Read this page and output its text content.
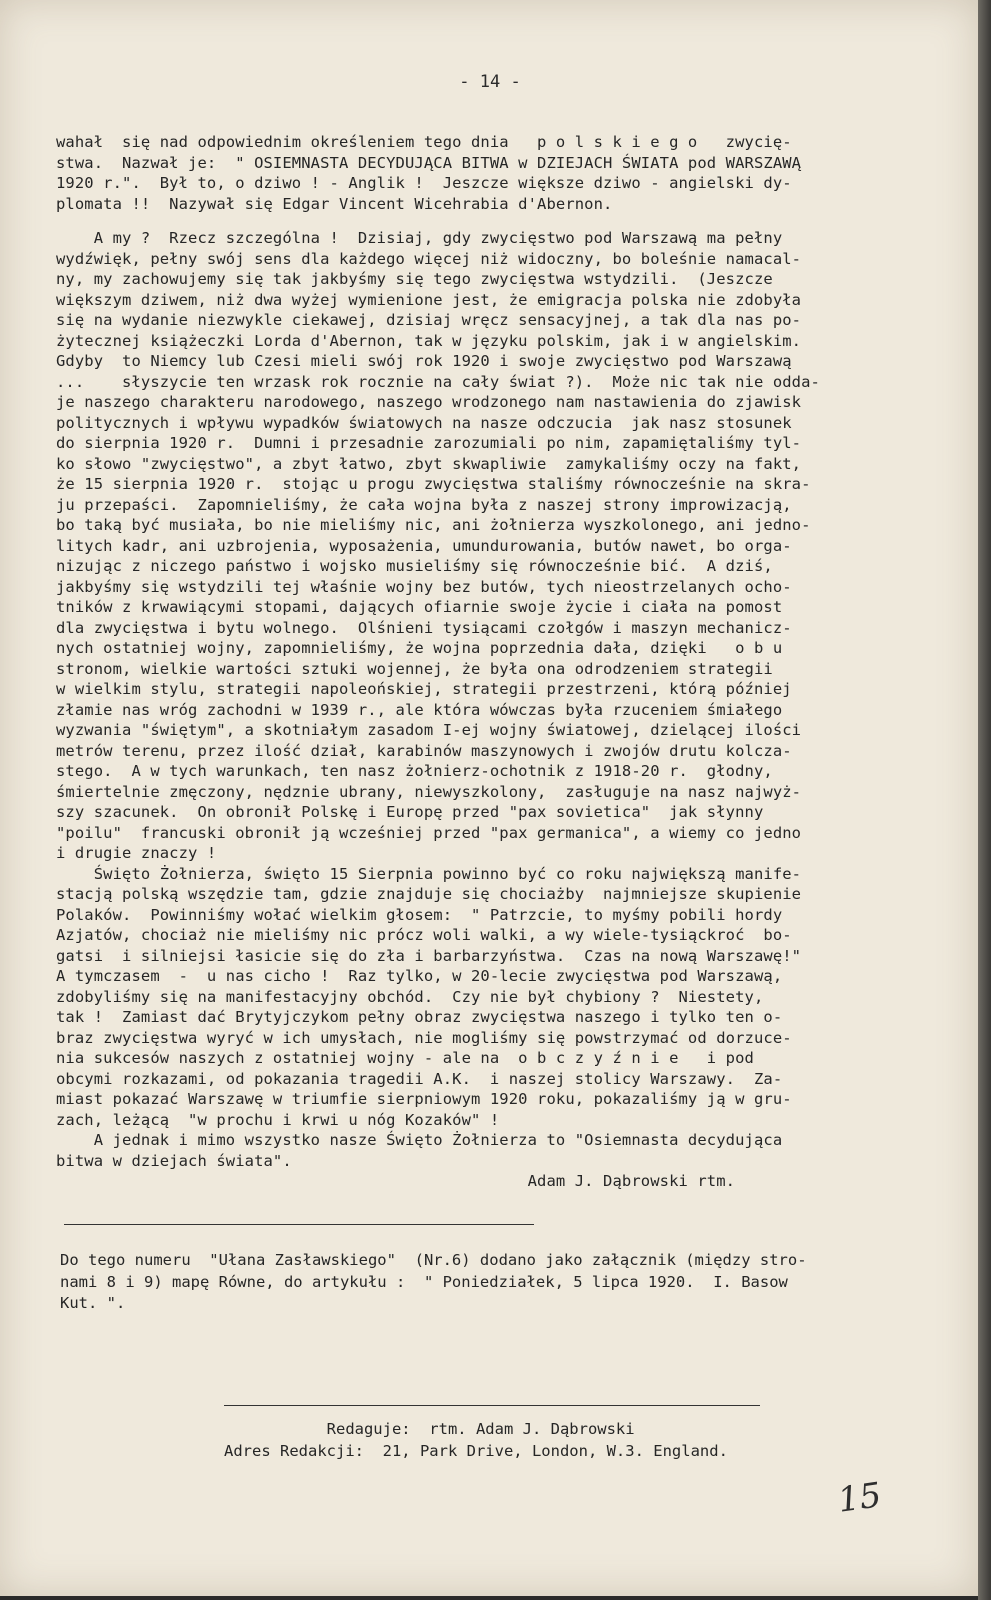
- 14 -
wahał  się nad odpowiednim określeniem tego dnia   p o l s k i e g o   zwycię-
stwa.  Nazwał je:  " OSIEMNASTA DECYDUJĄCA BITWA w DZIEJACH ŚWIATA pod WARSZAWĄ
1920 r.".  Był to, o dziwo ! - Anglik !  Jeszcze większe dziwo - angielski dy-
plomata !!  Nazywał się Edgar Vincent Wicehrabia d'Abernon.
A my ?  Rzecz szczególna !  Dzisiaj, gdy zwycięstwo pod Warszawą ma pełny
wydźwięk, pełny swój sens dla każdego więcej niż widoczny, bo boleśnie namacal-
ny, my zachowujemy się tak jakbyśmy się tego zwycięstwa wstydzili.  (Jeszcze
większym dziwem, niż dwa wyżej wymienione jest, że emigracja polska nie zdobyła
się na wydanie niezwykle ciekawej, dzisiaj wręcz sensacyjnej, a tak dla nas po-
żytecznej książeczki Lorda d'Abernon, tak w języku polskim, jak i w angielskim.
Gdyby  to Niemcy lub Czesi mieli swój rok 1920 i swoje zwycięstwo pod Warszawą
...    słyszycie ten wrzask rok rocznie na cały świat ?).  Może nic tak nie odda-
je naszego charakteru narodowego, naszego wrodzonego nam nastawienia do zjawisk
politycznych i wpływu wypadków światowych na nasze odczucia  jak nasz stosunek
do sierpnia 1920 r.  Dumni i przesadnie zarozumiali po nim, zapamiętaliśmy tyl-
ko słowo "zwycięstwo", a zbyt łatwo, zbyt skwapliwie  zamykaliśmy oczy na fakt,
że 15 sierpnia 1920 r.  stojąc u progu zwycięstwa staliśmy równocześnie na skra-
ju przepaści.  Zapomnieliśmy, że cała wojna była z naszej strony improwizacją,
bo taką być musiała, bo nie mieliśmy nic, ani żołnierza wyszkolonego, ani jedno-
litych kadr, ani uzbrojenia, wyposażenia, umundurowania, butów nawet, bo orga-
nizując z niczego państwo i wojsko musieliśmy się równocześnie bić.  A dziś,
jakbyśmy się wstydzili tej właśnie wojny bez butów, tych nieostrzelanych ocho-
tników z krwawiącymi stopami, dających ofiarnie swoje życie i ciała na pomost
dla zwycięstwa i bytu wolnego.  Olśnieni tysiącami czołgów i maszyn mechanicz-
nych ostatniej wojny, zapomnieliśmy, że wojna poprzednia dała, dzięki   o b u
stronom, wielkie wartości sztuki wojennej, że była ona odrodzeniem strategii
w wielkim stylu, strategii napoleońskiej, strategii przestrzeni, którą później
złamie nas wróg zachodni w 1939 r., ale która wówczas była rzuceniem śmiałego
wyzwania "świętym", a skotniałym zasadom I-ej wojny światowej, dzielącej ilości
metrów terenu, przez ilość dział, karabinów maszynowych i zwojów drutu kolcza-
stego.  A w tych warunkach, ten nasz żołnierz-ochotnik z 1918-20 r.  głodny,
śmiertelnie zmęczony, nędznie ubrany, niewyszkolony,  zasługuje na nasz najwyż-
szy szacunek.  On obronił Polskę i Europę przed "pax sovietica"  jak słynny
"poilu"  francuski obronił ją wcześniej przed "pax germanica", a wiemy co jedno
i drugie znaczy !
Święto Żołnierza, święto 15 Sierpnia powinno być co roku największą manife-
stacją polską wszędzie tam, gdzie znajduje się chociażby  najmniejsze skupienie
Polaków.  Powinniśmy wołać wielkim głosem:  " Patrzcie, to myśmy pobili hordy
Azjatów, chociaż nie mieliśmy nic prócz woli walki, a wy wiele-tysiąckroć  bo-
gatsi  i silniejsi łasicie się do zła i barbarzyństwa.  Czas na nową Warszawę!"
A tymczasem  -  u nas cicho !  Raz tylko, w 20-lecie zwycięstwa pod Warszawą,
zdobyliśmy się na manifestacyjny obchód.  Czy nie był chybiony ?  Niestety,
tak !  Zamiast dać Brytyjczykom pełny obraz zwycięstwa naszego i tylko ten o-
braz zwycięstwa wyryć w ich umysłach, nie mogliśmy się powstrzymać od dorzuce-
nia sukcesów naszych z ostatniej wojny - ale na  o b c z y ź n i e   i pod
obcymi rozkazami, od pokazania tragedii A.K.  i naszej stolicy Warszawy.  Za-
miast pokazać Warszawę w triumfie sierpniowym 1920 roku, pokazaliśmy ją w gru-
zach, leżącą  "w prochu i krwi u nóg Kozaków" !
A jednak i mimo wszystko nasze Święto Żołnierza to "Osiemnasta decydująca
bitwa w dziejach świata".
Adam J. Dąbrowski rtm.
Do tego numeru  "Ułana Zasławskiego"  (Nr.6) dodano jako załącznik (między stro-
nami 8 i 9) mapę Równe, do artykułu :  " Poniedziałek, 5 lipca 1920.  I. Basow
Kut. ".
Redaguje:  rtm. Adam J. Dąbrowski
Adres Redakcji:  21, Park Drive, London, W.3. England.
15
